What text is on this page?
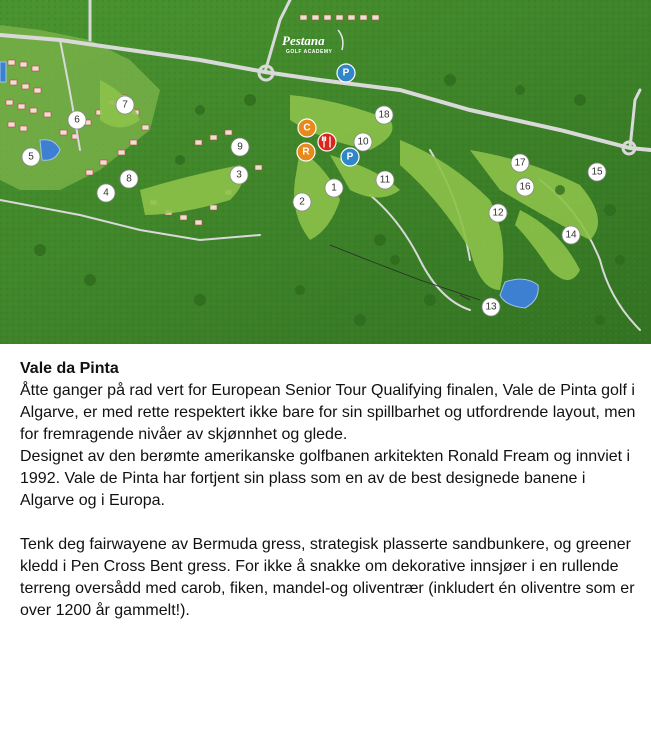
Pestana
GOLF ACADEMY
1
2
3
4
5
6
7
8
9	10
11
12
13
14
15
16
17
18
C
R
P
P
Vale da Pinta

Åtte ganger på rad vert for European Senior Tour Qualifying finalen, Vale de Pinta golf i Algarve, er med rette respektert ikke bare for sin spillbarhet og utfordrende layout, men for fremragende nivåer av skjønnhet og glede.

Designet av den berømte amerikanske golfbanen arkitekten Ronald Fream og innviet i 1992. Vale de Pinta har fortjent sin plass som en av de best designede banene i Algarve og i Europa.

Tenk deg fairwayene av Bermuda gress, strategisk plasserte sandbunkere, og greener kledd i Pen Cross Bent gress. For ikke å snakke om dekorative innsjøer i en rullende terreng oversådd med carob, fiken, mandel-og oliventrær (inkludert én oliventre som er over 1200 år gammelt!).
